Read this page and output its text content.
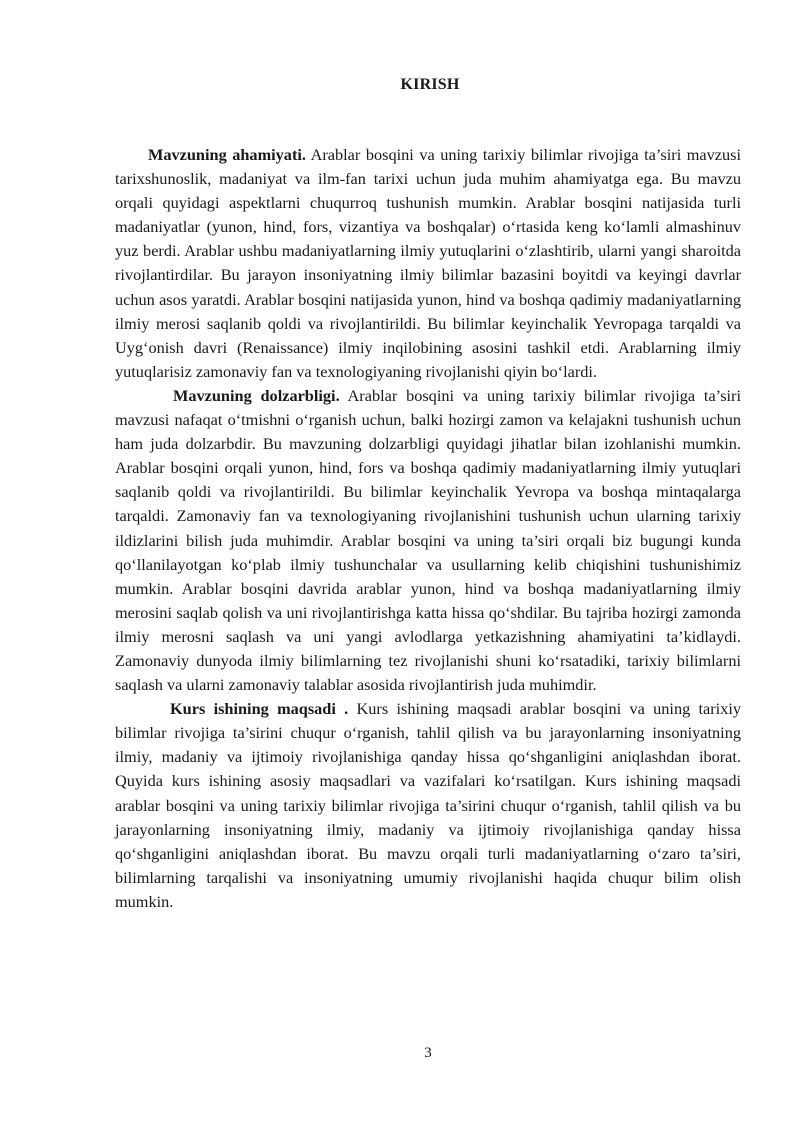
KIRISH

Mavzuning ahamiyati. Arablar bosqini va uning tarixiy bilimlar rivojiga ta’siri mavzusi tarixshunoslik, madaniyat va ilm-fan tarixi uchun juda muhim ahamiyatga ega. Bu mavzu orqali quyidagi aspektlarni chuqurroq tushunish mumkin. Arablar bosqini natijasida turli madaniyatlar (yunon, hind, fors, vizantiya va boshqalar) o‘rtasida keng ko‘lamli almashinuv yuz berdi. Arablar ushbu madaniyatlarning ilmiy yutuqlarini o‘zlashtirib, ularni yangi sharoitda rivojlantirdilar. Bu jarayon insoniyatning ilmiy bilimlar bazasini boyitdi va keyingi davrlar uchun asos yaratdi. Arablar bosqini natijasida yunon, hind va boshqa qadimiy madaniyatlarning ilmiy merosi saqlanib qoldi va rivojlantirildi. Bu bilimlar keyinchalik Yevropaga tarqaldi va Uyg‘onish davri (Renaissance) ilmiy inqilobining asosini tashkil etdi. Arablarning ilmiy yutuqlarisiz zamonaviy fan va texnologiyaning rivojlanishi qiyin bo‘lardi.

Mavzuning dolzarbligi. Arablar bosqini va uning tarixiy bilimlar rivojiga ta’siri mavzusi nafaqat o‘tmishni o‘rganish uchun, balki hozirgi zamon va kelajakni tushunish uchun ham juda dolzarbdir. Bu mavzuning dolzarbligi quyidagi jihatlar bilan izohlanishi mumkin. Arablar bosqini orqali yunon, hind, fors va boshqa qadimiy madaniyatlarning ilmiy yutuqlari saqlanib qoldi va rivojlantirildi. Bu bilimlar keyinchalik Yevropa va boshqa mintaqalarga tarqaldi. Zamonaviy fan va texnologiyaning rivojlanishini tushunish uchun ularning tarixiy ildizlarini bilish juda muhimdir. Arablar bosqini va uning ta’siri orqali biz bugungi kunda qo‘llanilayotgan ko‘plab ilmiy tushunchalar va usullarning kelib chiqishini tushunishimiz mumkin. Arablar bosqini davrida arablar yunon, hind va boshqa madaniyatlarning ilmiy merosini saqlab qolish va uni rivojlantirishga katta hissa qo‘shdilar. Bu tajriba hozirgi zamonda ilmiy merosni saqlash va uni yangi avlodlarga yetkazishning ahamiyatini ta’kidlaydi. Zamonaviy dunyoda ilmiy bilimlarning tez rivojlanishi shuni ko‘rsatadiki, tarixiy bilimlarni saqlash va ularni zamonaviy talablar asosida rivojlantirish juda muhimdir.

Kurs ishining maqsadi . Kurs ishining maqsadi arablar bosqini va uning tarixiy bilimlar rivojiga ta’sirini chuqur o‘rganish, tahlil qilish va bu jarayonlarning insoniyatning ilmiy, madaniy va ijtimoiy rivojlanishiga qanday hissa qo‘shganligini aniqlashdan iborat. Quyida kurs ishining asosiy maqsadlari va vazifalari ko‘rsatilgan. Kurs ishining maqsadi arablar bosqini va uning tarixiy bilimlar rivojiga ta’sirini chuqur o‘rganish, tahlil qilish va bu jarayonlarning insoniyatning ilmiy, madaniy va ijtimoiy rivojlanishiga qanday hissa qo‘shganligini aniqlashdan iborat. Bu mavzu orqali turli madaniyatlarning o‘zaro ta’siri, bilimlarning tarqalishi va insoniyatning umumiy rivojlanishi haqida chuqur bilim olish mumkin.

3
